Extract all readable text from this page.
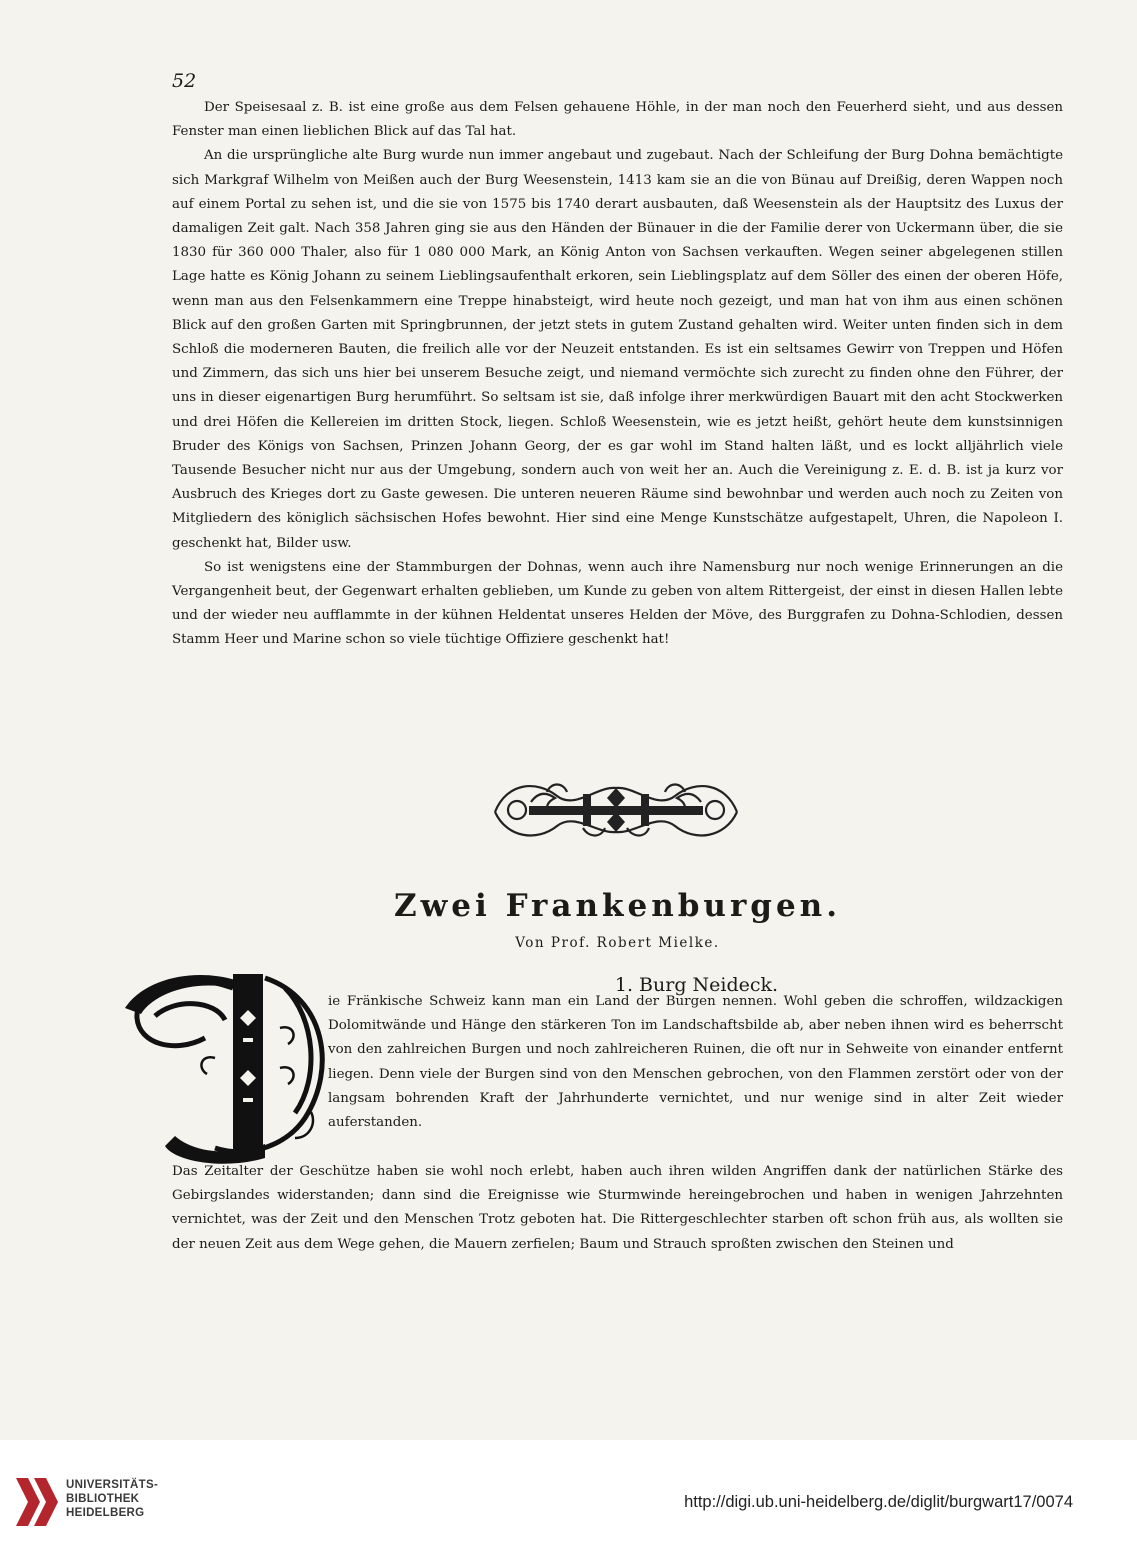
52

Der Speisesaal z. B. ist eine große aus dem Felsen gehauene Höhle, in der man noch den Feuerherd sieht, und aus dessen Fenster man einen lieblichen Blick auf das Tal hat.

An die ursprüngliche alte Burg wurde nun immer angebaut und zugebaut. Nach der Schleifung der Burg Dohna bemächtigte sich Markgraf Wilhelm von Meißen auch der Burg Weesenstein, 1413 kam sie an die von Bünau auf Dreißig, deren Wappen noch auf einem Portal zu sehen ist, und die sie von 1575 bis 1740 derart ausbauten, daß Weesenstein als der Hauptsitz des Luxus der damaligen Zeit galt. Nach 358 Jahren ging sie aus den Händen der Bünauer in die der Familie derer von Uckermann über, die sie 1830 für 360 000 Thaler, also für 1 080 000 Mark, an König Anton von Sachsen verkauften. Wegen seiner abgelegenen stillen Lage hatte es König Johann zu seinem Lieblingsaufenthalt erkoren, sein Lieblingsplatz auf dem Söller des einen der oberen Höfe, wenn man aus den Felsenkammern eine Treppe hinabsteigt, wird heute noch gezeigt, und man hat von ihm aus einen schönen Blick auf den großen Garten mit Springbrunnen, der jetzt stets in gutem Zustand gehalten wird. Weiter unten finden sich in dem Schloß die moderneren Bauten, die freilich alle vor der Neuzeit entstanden. Es ist ein seltsames Gewirr von Treppen und Höfen und Zimmern, das sich uns hier bei unserem Besuche zeigt, und niemand vermöchte sich zurecht zu finden ohne den Führer, der uns in dieser eigenartigen Burg herumführt. So seltsam ist sie, daß infolge ihrer merkwürdigen Bauart mit den acht Stockwerken und drei Höfen die Kellereien im dritten Stock, liegen. Schloß Weesenstein, wie es jetzt heißt, gehört heute dem kunstsinnigen Bruder des Königs von Sachsen, Prinzen Johann Georg, der es gar wohl im Stand halten läßt, und es lockt alljährlich viele Tausende Besucher nicht nur aus der Umgebung, sondern auch von weit her an. Auch die Vereinigung z. E. d. B. ist ja kurz vor Ausbruch des Krieges dort zu Gaste gewesen. Die unteren neueren Räume sind bewohnbar und werden auch noch zu Zeiten von Mitgliedern des königlich sächsischen Hofes bewohnt. Hier sind eine Menge Kunstschätze aufgestapelt, Uhren, die Napoleon I. geschenkt hat, Bilder usw.

So ist wenigstens eine der Stammburgen der Dohnas, wenn auch ihre Namensburg nur noch wenige Erinnerungen an die Vergangenheit beut, der Gegenwart erhalten geblieben, um Kunde zu geben von altem Rittergeist, der einst in diesen Hallen lebte und der wieder neu aufflammte in der kühnen Heldentat unseres Helden der Möve, des Burggrafen zu Dohna-Schlodien, dessen Stamm Heer und Marine schon so viele tüchtige Offiziere geschenkt hat!

Zwei Frankenburgen.
Von Prof. Robert Mielke.
1. Burg Neideck.

ie Fränkische Schweiz kann man ein Land der Burgen nennen. Wohl geben die schroffen, wildzackigen Dolomitwände und Hänge den stärkeren Ton im Landschaftsbilde ab, aber neben ihnen wird es beherrscht von den zahlreichen Burgen und noch zahlreicheren Ruinen, die oft nur in Sehweite von einander entfernt liegen. Denn viele der Burgen sind von den Menschen gebrochen, von den Flammen zerstört oder von der langsam bohrenden Kraft der Jahrhunderte vernichtet, und nur wenige sind in alter Zeit wieder auferstanden.

Das Zeitalter der Geschütze haben sie wohl noch erlebt, haben auch ihren wilden Angriffen dank der natürlichen Stärke des Gebirgslandes widerstanden; dann sind die Ereignisse wie Sturmwinde hereingebrochen und haben in wenigen Jahrzehnten vernichtet, was der Zeit und den Menschen Trotz geboten hat. Die Rittergeschlechter starben oft schon früh aus, als wollten sie der neuen Zeit aus dem Wege gehen, die Mauern zerfielen; Baum und Strauch sproßten zwischen den Steinen und

UNIVERSITÄTS-
BIBLIOTHEK
HEIDELBERG
http://digi.ub.uni-heidelberg.de/diglit/burgwart17/0074
